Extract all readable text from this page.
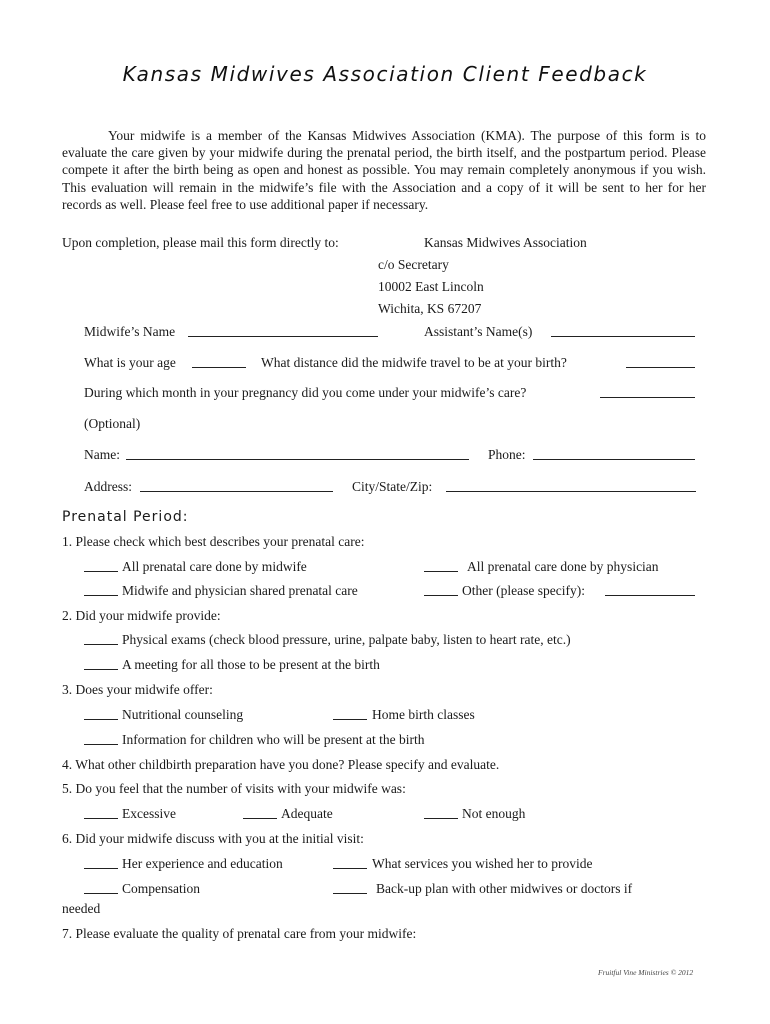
Kansas Midwives Association Client Feedback
Your midwife is a member of the Kansas Midwives Association (KMA). The purpose of this form is to evaluate the care given by your midwife during the prenatal period, the birth itself, and the postpartum period. Please compete it after the birth being as open and honest as possible. You may remain completely anonymous if you wish. This evaluation will remain in the midwife’s file with the Association and a copy of it will be sent to her for her records as well. Please feel free to use additional paper if necessary.
Upon completion, please mail this form directly to:	Kansas Midwives Association
c/o Secretary
10002 East Lincoln
Wichita, KS 67207
Midwife’s Name	Assistant’s Name(s)
What is your age	What distance did the midwife travel to be at your birth?
During which month in your pregnancy did you come under your midwife’s care?
(Optional)
Name:	Phone:
Address:	City/State/Zip:
Prenatal Period:
1. Please check which best describes your prenatal care:
All prenatal care done by midwife	All prenatal care done by physician
Midwife and physician shared prenatal care	Other (please specify):
2. Did your midwife provide:
Physical exams (check blood pressure, urine, palpate baby, listen to heart rate, etc.)
A meeting for all those to be present at the birth
3. Does your midwife offer:
Nutritional counseling	Home birth classes
Information for children who will be present at the birth
4. What other childbirth preparation have you done? Please specify and evaluate.
5. Do you feel that the number of visits with your midwife was:
Excessive	Adequate	Not enough
6. Did your midwife discuss with you at the initial visit:
Her experience and education	What services you wished her to provide
Compensation	Back-up plan with other midwives or doctors if
needed
7. Please evaluate the quality of prenatal care from your midwife:
Fruitful Vine Ministries © 2012
